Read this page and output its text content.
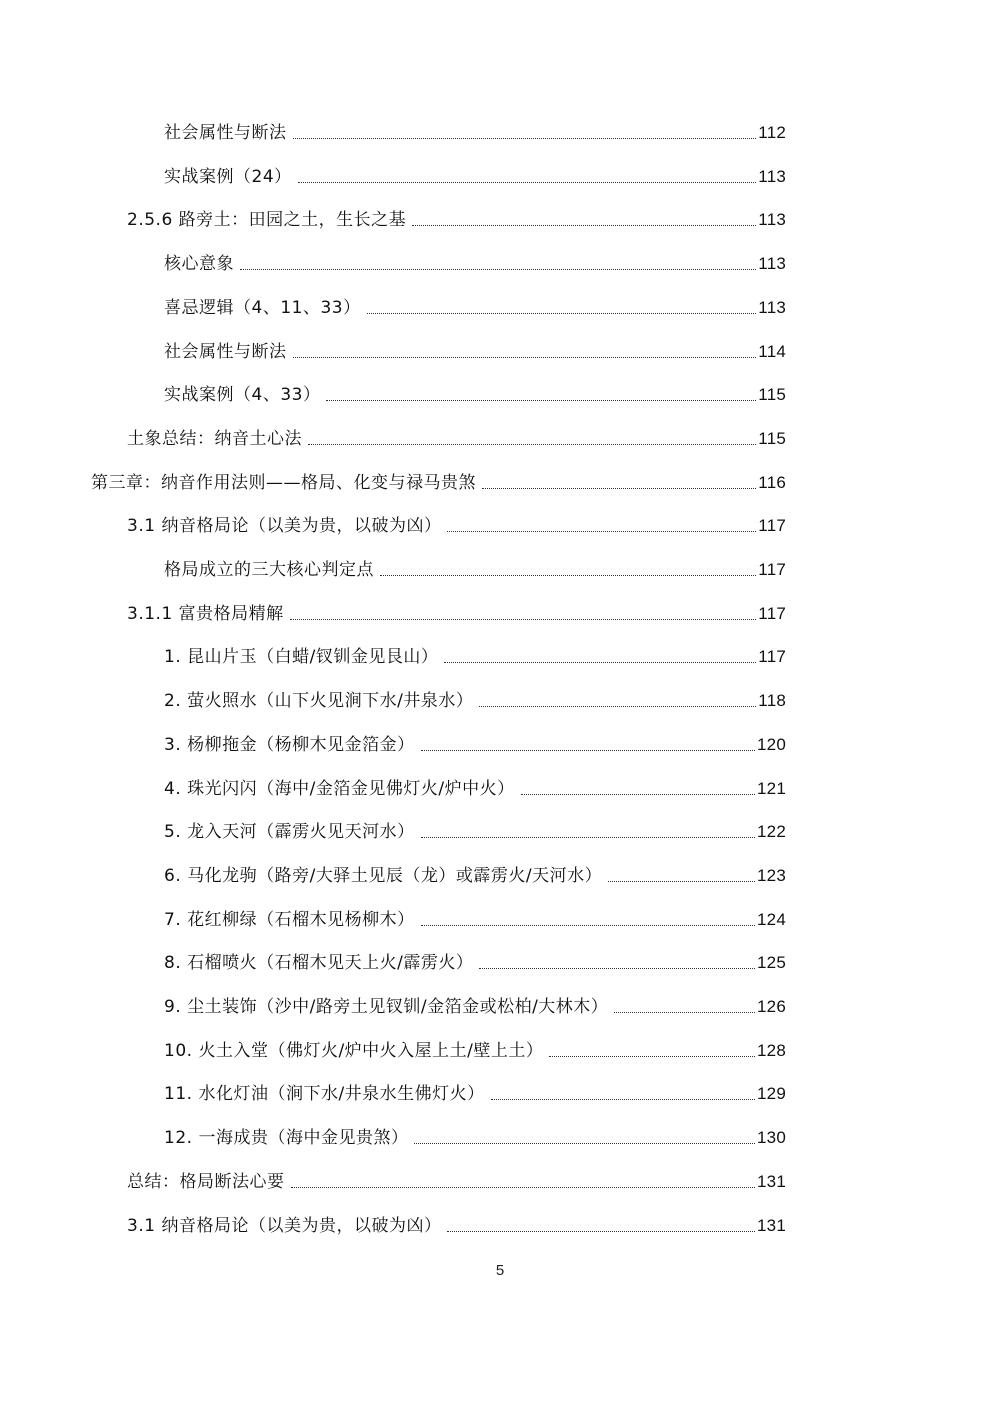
社会属性与断法	112
实战案例（24）	113
2.5.6 路旁土：田园之土，生长之基	113
核心意象	113
喜忌逻辑（4、11、33）	113
社会属性与断法	114
实战案例（4、33）	115
土象总结：纳音土心法	115
第三章：纳音作用法则——格局、化变与禄马贵煞	116
3.1 纳音格局论（以美为贵，以破为凶）	117
格局成立的三大核心判定点	117
3.1.1 富贵格局精解	117
1. 昆山片玉（白蜡/钗钏金见艮山）	117
2. 萤火照水（山下火见涧下水/井泉水）	118
3. 杨柳拖金（杨柳木见金箔金）	120
4. 珠光闪闪（海中/金箔金见佛灯火/炉中火）	121
5. 龙入天河（霹雳火见天河水）	122
6. 马化龙驹（路旁/大驿土见辰（龙）或霹雳火/天河水）	123
7. 花红柳绿（石榴木见杨柳木）	124
8. 石榴喷火（石榴木见天上火/霹雳火）	125
9. 尘土装饰（沙中/路旁土见钗钏/金箔金或松柏/大林木）	126
10. 火土入堂（佛灯火/炉中火入屋上土/壁上土）	128
11. 水化灯油（涧下水/井泉水生佛灯火）	129
12. 一海成贵（海中金见贵煞）	130
总结：格局断法心要	131
3.1 纳音格局论（以美为贵，以破为凶）	131
5
